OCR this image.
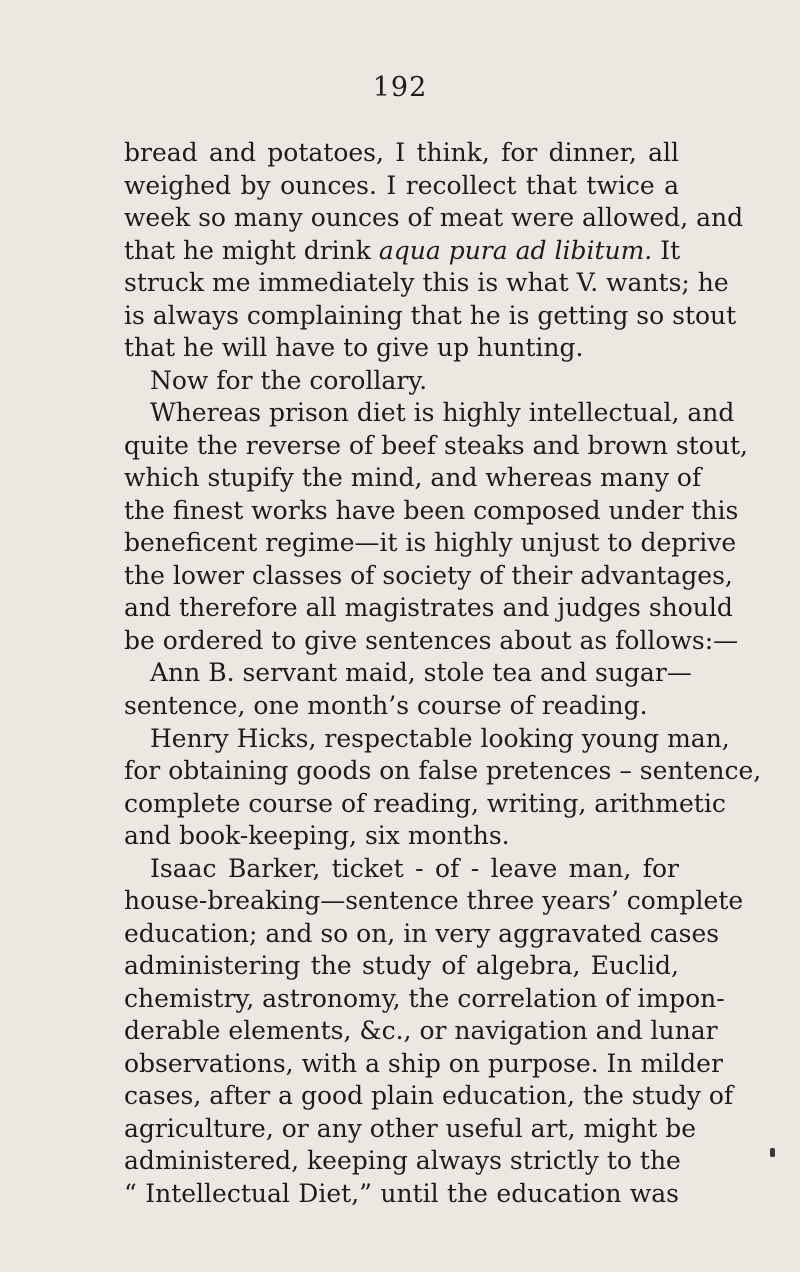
192
bread and potatoes, I think, for dinner, all
weighed by ounces. I recollect that twice a
week so many ounces of meat were allowed, and
that he might drink aqua pura ad libitum. It
struck me immediately this is what V. wants; he
is always complaining that he is getting so stout
that he will have to give up hunting.
Now for the corollary.
Whereas prison diet is highly intellectual, and
quite the reverse of beef steaks and brown stout,
which stupify the mind, and whereas many of
the finest works have been composed under this
beneficent regime—it is highly unjust to deprive
the lower classes of society of their advantages,
and therefore all magistrates and judges should
be ordered to give sentences about as follows:—
Ann B. servant maid, stole tea and sugar—
sentence, one month’s course of reading.
Henry Hicks, respectable looking young man,
for obtaining goods on false pretences – sentence,
complete course of reading, writing, arithmetic
and book-keeping, six months.
Isaac Barker, ticket - of - leave man, for
house-breaking—sentence three years’ complete
education; and so on, in very aggravated cases
administering the study of algebra, Euclid,
chemistry, astronomy, the correlation of impon-
derable elements, &c., or navigation and lunar
observations, with a ship on purpose. In milder
cases, after a good plain education, the study of
agriculture, or any other useful art, might be
administered, keeping always strictly to the
“ Intellectual Diet,” until the education was
